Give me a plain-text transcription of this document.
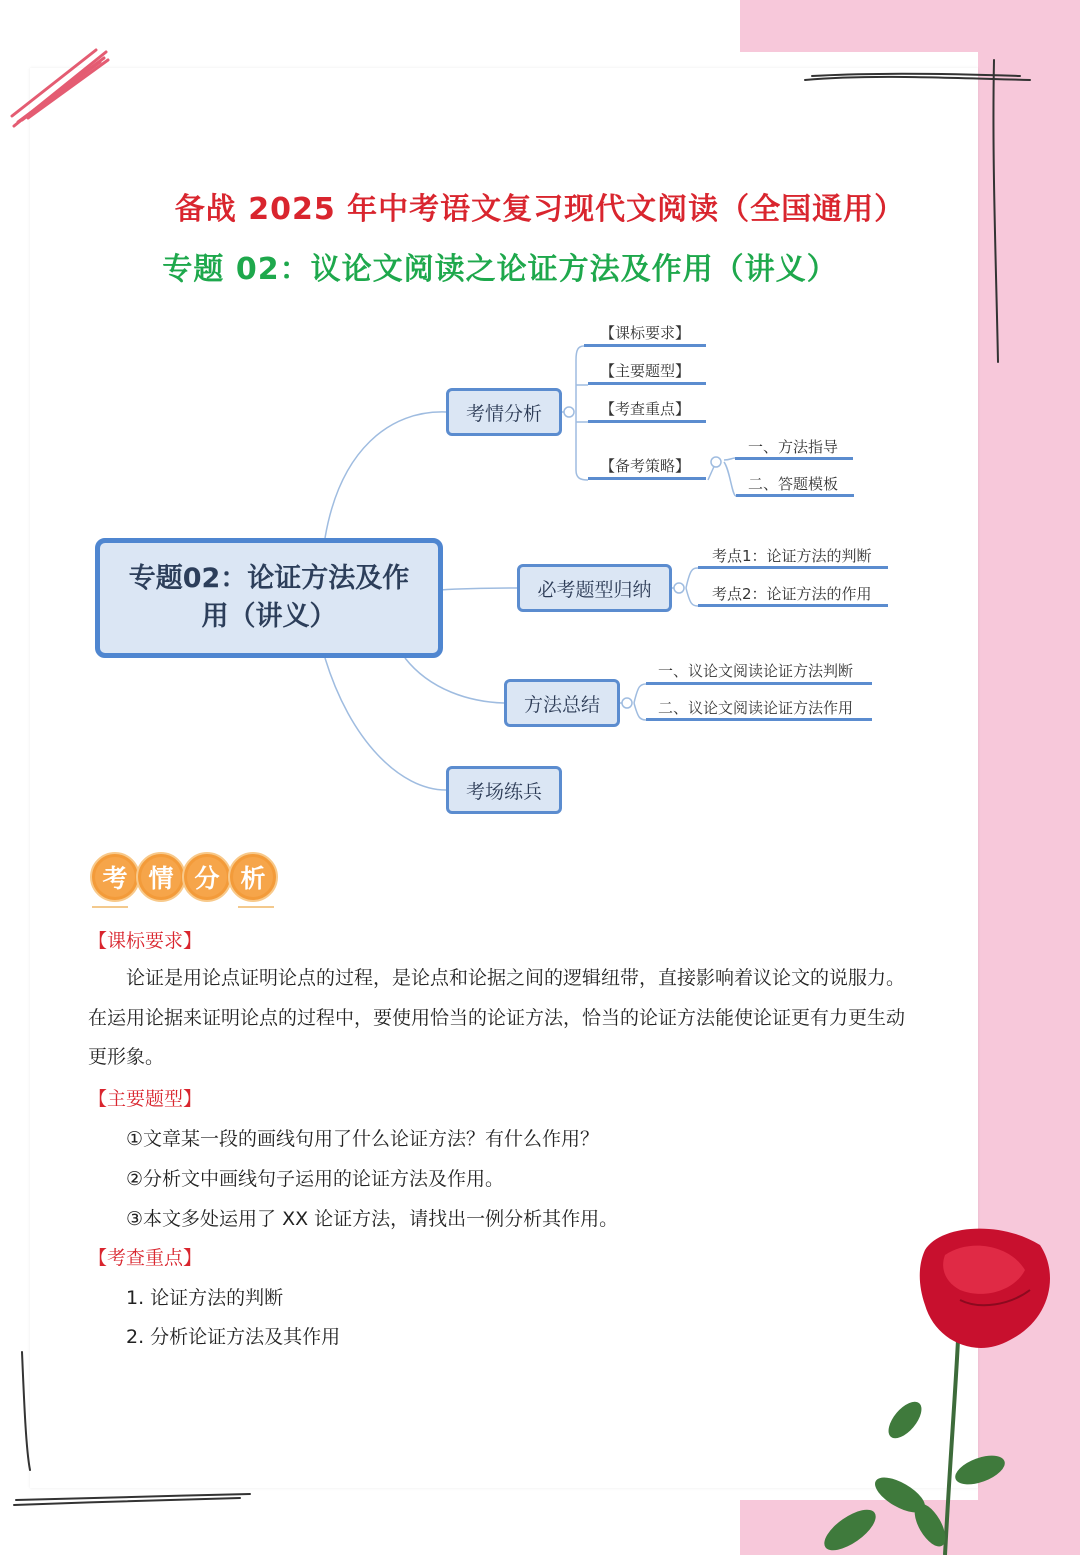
备战 2025 年中考语文复习现代文阅读（全国通用）
专题 02：议论文阅读之论证方法及作用（讲义）
专题02：论证方法及作用（讲义）
考情分析
必考题型归纳
方法总结
考场练兵
【课标要求】
【主要题型】
【考查重点】
【备考策略】
一、方法指导
二、答题模板
考点1：论证方法的判断
考点2：论证方法的作用
一、议论文阅读论证方法判断
二、议论文阅读论证方法作用
考 情 分 析
【课标要求】
论证是用论点证明论点的过程，是论点和论据之间的逻辑纽带，直接影响着议论文的说服力。在运用论据来证明论点的过程中，要使用恰当的论证方法，恰当的论证方法能使论证更有力更生动更形象。
【主要题型】
①文章某一段的画线句用了什么论证方法？有什么作用？
②分析文中画线句子运用的论证方法及作用。
③本文多处运用了 XX 论证方法，请找出一例分析其作用。
【考查重点】
1. 论证方法的判断
2. 分析论证方法及其作用
